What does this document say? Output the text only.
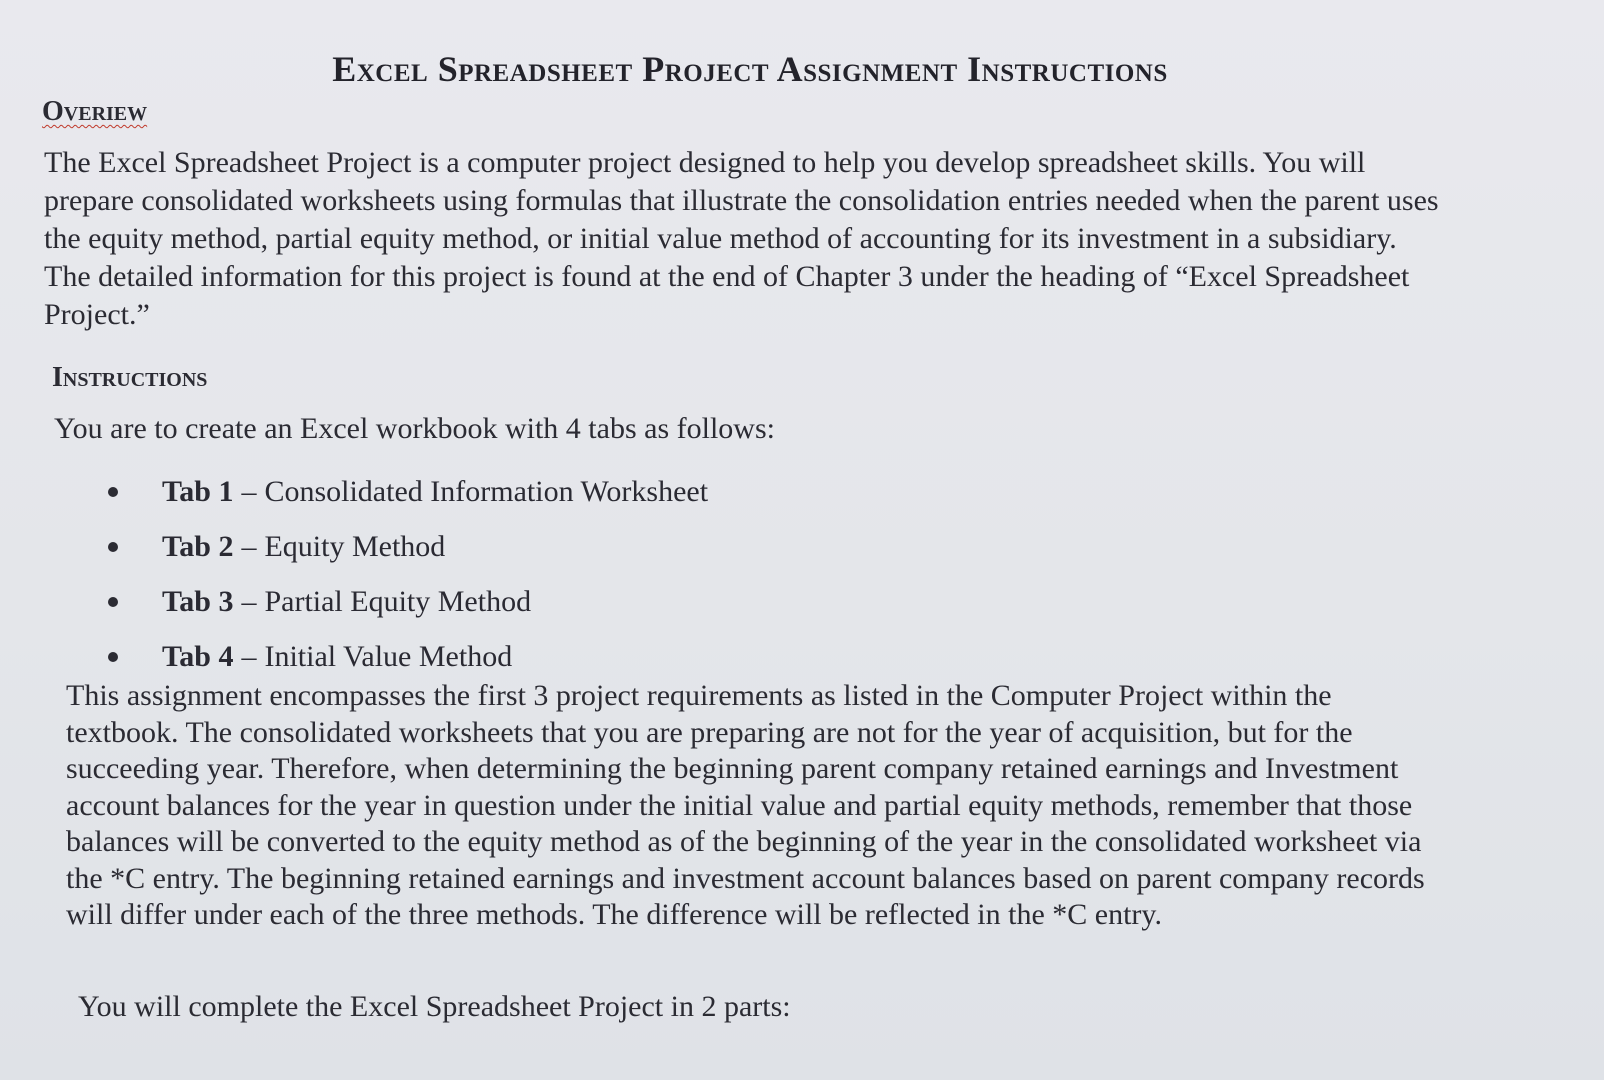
Excel Spreadsheet Project Assignment Instructions
Overiew

The Excel Spreadsheet Project is a computer project designed to help you develop spreadsheet skills. You will prepare consolidated worksheets using formulas that illustrate the consolidation entries needed when the parent uses the equity method, partial equity method, or initial value method of accounting for its investment in a subsidiary. The detailed information for this project is found at the end of Chapter 3 under the heading of “Excel Spreadsheet Project.”

Instructions

You are to create an Excel workbook with 4 tabs as follows:

Tab 1 – Consolidated Information Worksheet
Tab 2 – Equity Method
Tab 3 – Partial Equity Method
Tab 4 – Initial Value Method

This assignment encompasses the first 3 project requirements as listed in the Computer Project within the textbook. The consolidated worksheets that you are preparing are not for the year of acquisition, but for the succeeding year. Therefore, when determining the beginning parent company retained earnings and Investment account balances for the year in question under the initial value and partial equity methods, remember that those balances will be converted to the equity method as of the beginning of the year in the consolidated worksheet via the *C entry. The beginning retained earnings and investment account balances based on parent company records will differ under each of the three methods. The difference will be reflected in the *C entry.

You will complete the Excel Spreadsheet Project in 2 parts:
